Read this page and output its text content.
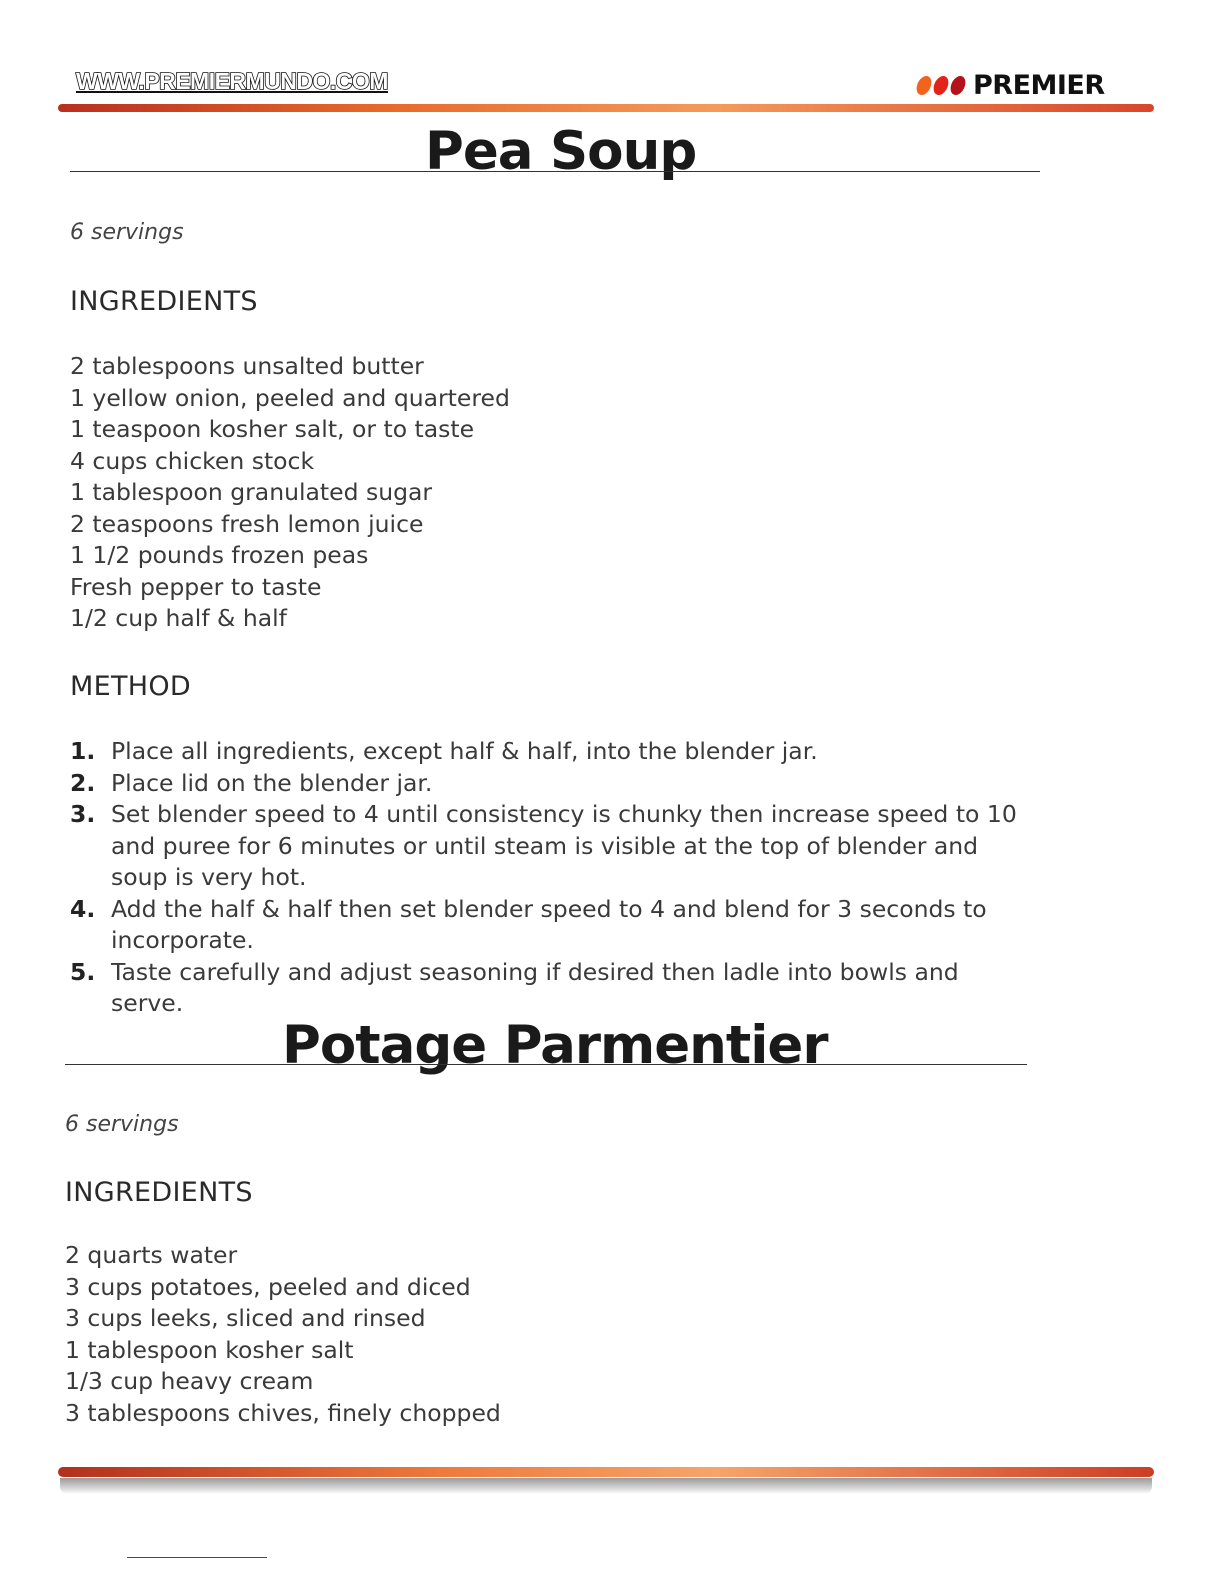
WWW.PREMIERMUNDO.COM	PREMIER
Pea Soup
6 servings
INGREDIENTS
2 tablespoons unsalted butter
1 yellow onion, peeled and quartered
1 teaspoon kosher salt, or to taste
4 cups chicken stock
1 tablespoon granulated sugar
2 teaspoons fresh lemon juice
1 1/2 pounds frozen peas
Fresh pepper to taste
1/2 cup half & half
METHOD
1. Place all ingredients, except half & half, into the blender jar.
2. Place lid on the blender jar.
3. Set blender speed to 4 until consistency is chunky then increase speed to 10 and puree for 6 minutes or until steam is visible at the top of blender and soup is very hot.
4. Add the half & half then set blender speed to 4 and blend for 3 seconds to incorporate.
5. Taste carefully and adjust seasoning if desired then ladle into bowls and serve.
Potage Parmentier
6 servings
INGREDIENTS
2 quarts water
3 cups potatoes, peeled and diced
3 cups leeks, sliced and rinsed
1 tablespoon kosher salt
1/3 cup heavy cream
3 tablespoons chives, finely chopped
